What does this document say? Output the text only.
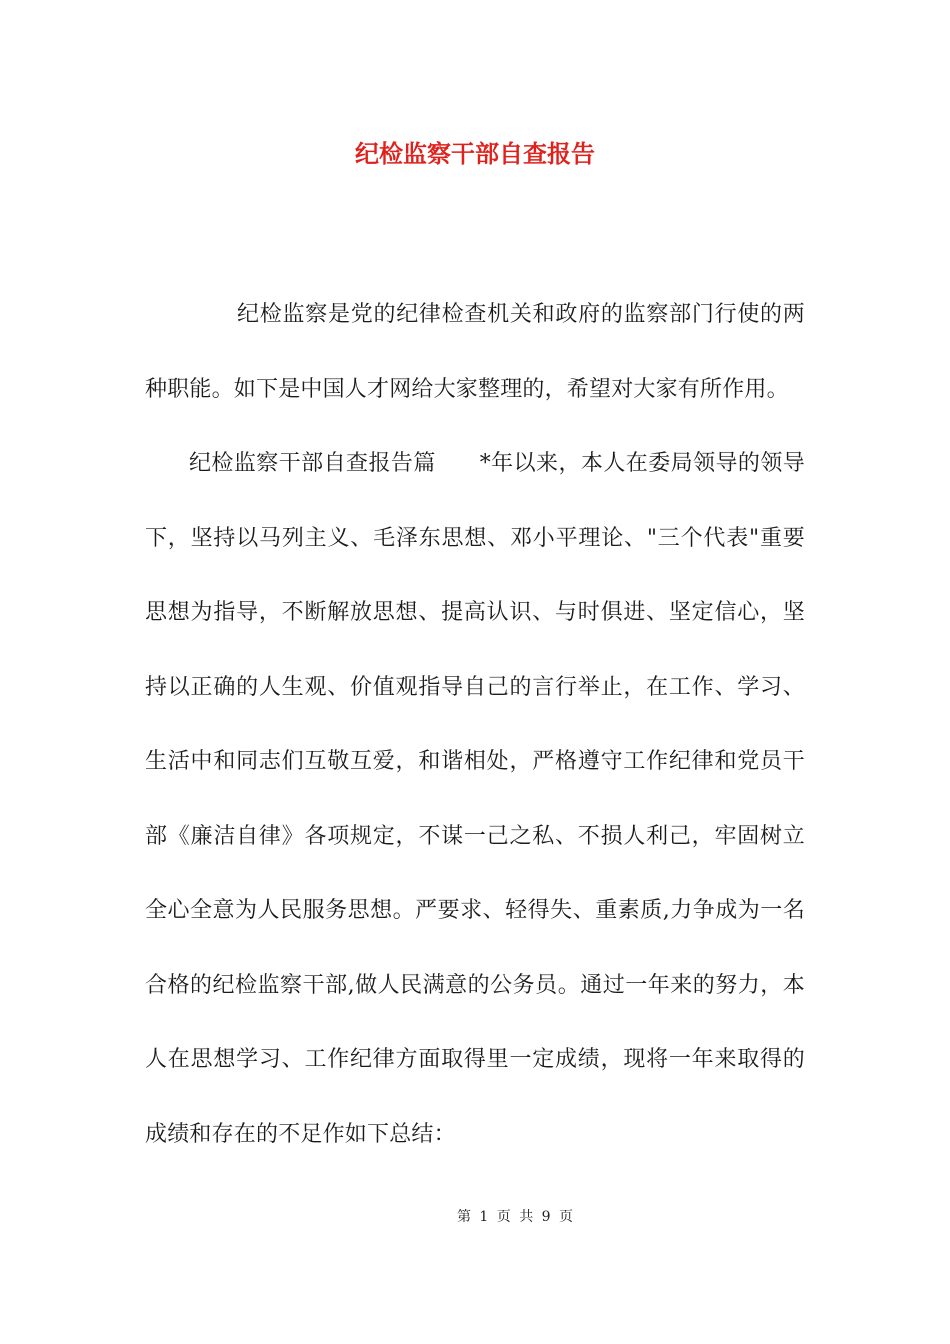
纪检监察干部自查报告

纪检监察是党的纪律检查机关和政府的监察部门行使的两种职能。如下是中国人才网给大家整理的，希望对大家有所作用。

纪检监察干部自查报告篇 *年以来，本人在委局领导的领导下，坚持以马列主义、毛泽东思想、邓小平理论、"三个代表"重要思想为指导，不断解放思想、提高认识、与时俱进、坚定信心，坚持以正确的人生观、价值观指导自己的言行举止，在工作、学习、生活中和同志们互敬互爱，和谐相处，严格遵守工作纪律和党员干部《廉洁自律》各项规定，不谋一己之私、不损人利己，牢固树立全心全意为人民服务思想。严要求、轻得失、重素质,力争成为一名合格的纪检监察干部,做人民满意的公务员。通过一年来的努力，本人在思想学习、工作纪律方面取得里一定成绩，现将一年来取得的成绩和存在的不足作如下总结：

第 1 页 共 9 页
